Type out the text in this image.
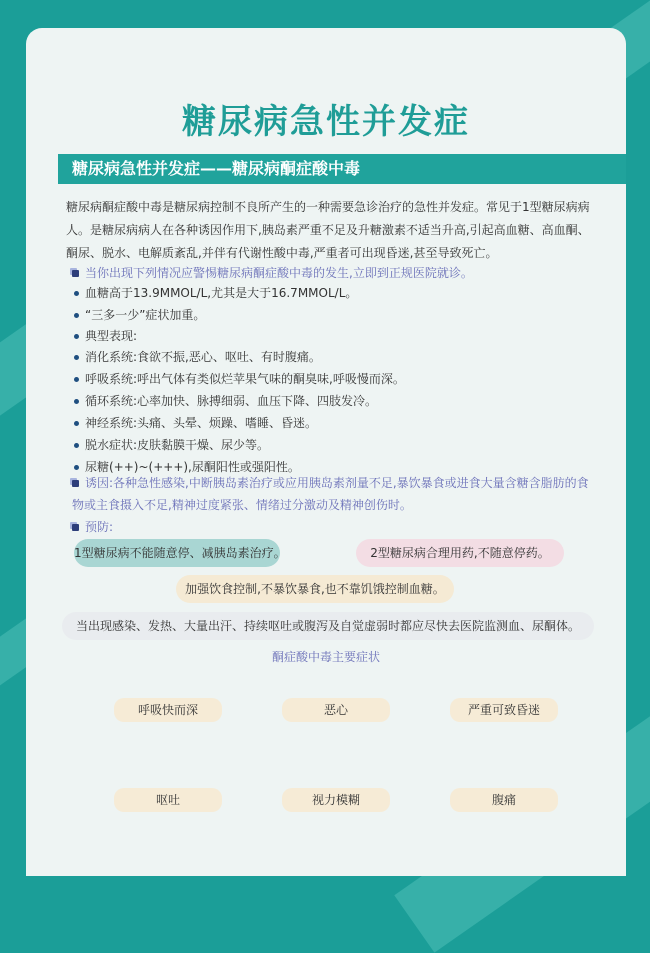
糖尿病急性并发症
糖尿病急性并发症——糖尿病酮症酸中毒
糖尿病酮症酸中毒是糖尿病控制不良所产生的一种需要急诊治疗的急性并发症。常见于1型糖尿病病人。是糖尿病病人在各种诱因作用下,胰岛素严重不足及升糖激素不适当升高,引起高血糖、高血酮、酮尿、脱水、电解质紊乱,并伴有代谢性酸中毒,严重者可出现昏迷,甚至导致死亡。
当你出现下列情况应警惕糖尿病酮症酸中毒的发生,立即到正规医院就诊。
血糖高于13.9MMOL/L,尤其是大于16.7MMOL/L。
“三多一少”症状加重。
典型表现:
消化系统:食欲不振,恶心、呕吐、有时腹痛。
呼吸系统:呼出气体有类似烂苹果气味的酮臭味,呼吸慢而深。
循环系统:心率加快、脉搏细弱、血压下降、四肢发冷。
神经系统:头痛、头晕、烦躁、嗜睡、昏迷。
脱水症状:皮肤黏膜干燥、尿少等。
尿糖(++)~(+++),尿酮阳性或强阳性。
诱因:各种急性感染,中断胰岛素治疗或应用胰岛素剂量不足,暴饮暴食或进食大量含糖含脂肪的食物或主食摄入不足,精神过度紧张、情绪过分激动及精神创伤时。
预防:
1型糖尿病不能随意停、减胰岛素治疗。	2型糖尿病合理用药,不随意停药。
加强饮食控制,不暴饮暴食,也不靠饥饿控制血糖。
当出现感染、发热、大量出汗、持续呕吐或腹泻及自觉虚弱时都应尽快去医院监测血、尿酮体。
酮症酸中毒主要症状
呼吸快而深	恶心	严重可致昏迷
呕吐	视力模糊	腹痛
